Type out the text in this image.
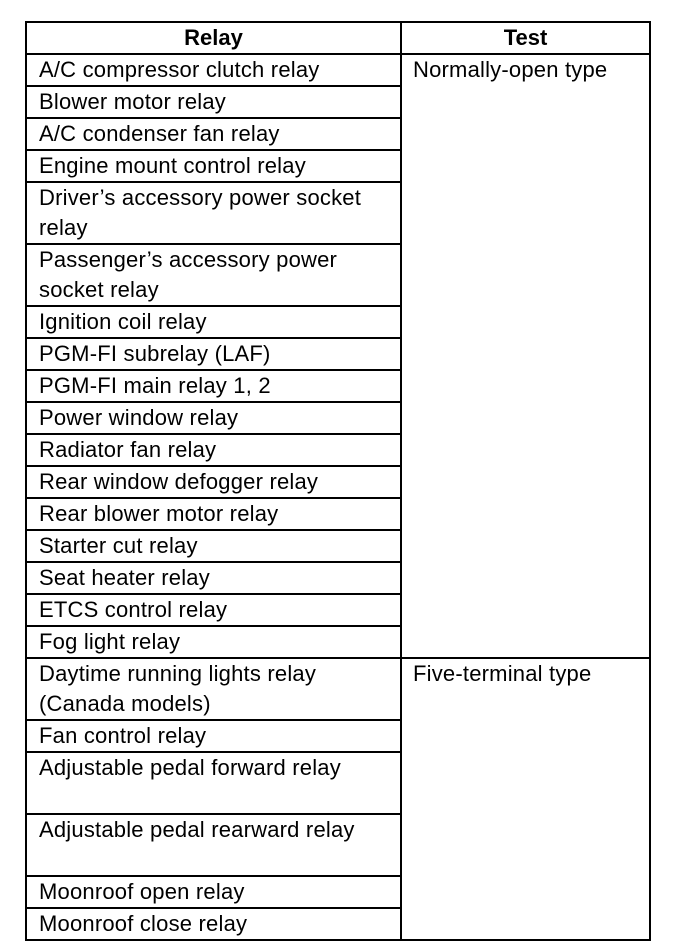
Relay	Test
A/C compressor clutch relay	Normally-open type
Blower motor relay	
A/C condenser fan relay	
Engine mount control relay	
Driver’s accessory power socket relay	
Passenger’s accessory power socket relay	
Ignition coil relay	
PGM-FI subrelay (LAF)	
PGM-FI main relay 1, 2	
Power window relay	
Radiator fan relay	
Rear window defogger relay	
Rear blower motor relay	
Starter cut relay	
Seat heater relay	
ETCS control relay	
Fog light relay	
Daytime running lights relay (Canada models)	Five-terminal type
Fan control relay	
Adjustable pedal forward relay	
Adjustable pedal rearward relay	
Moonroof open relay	
Moonroof close relay	
